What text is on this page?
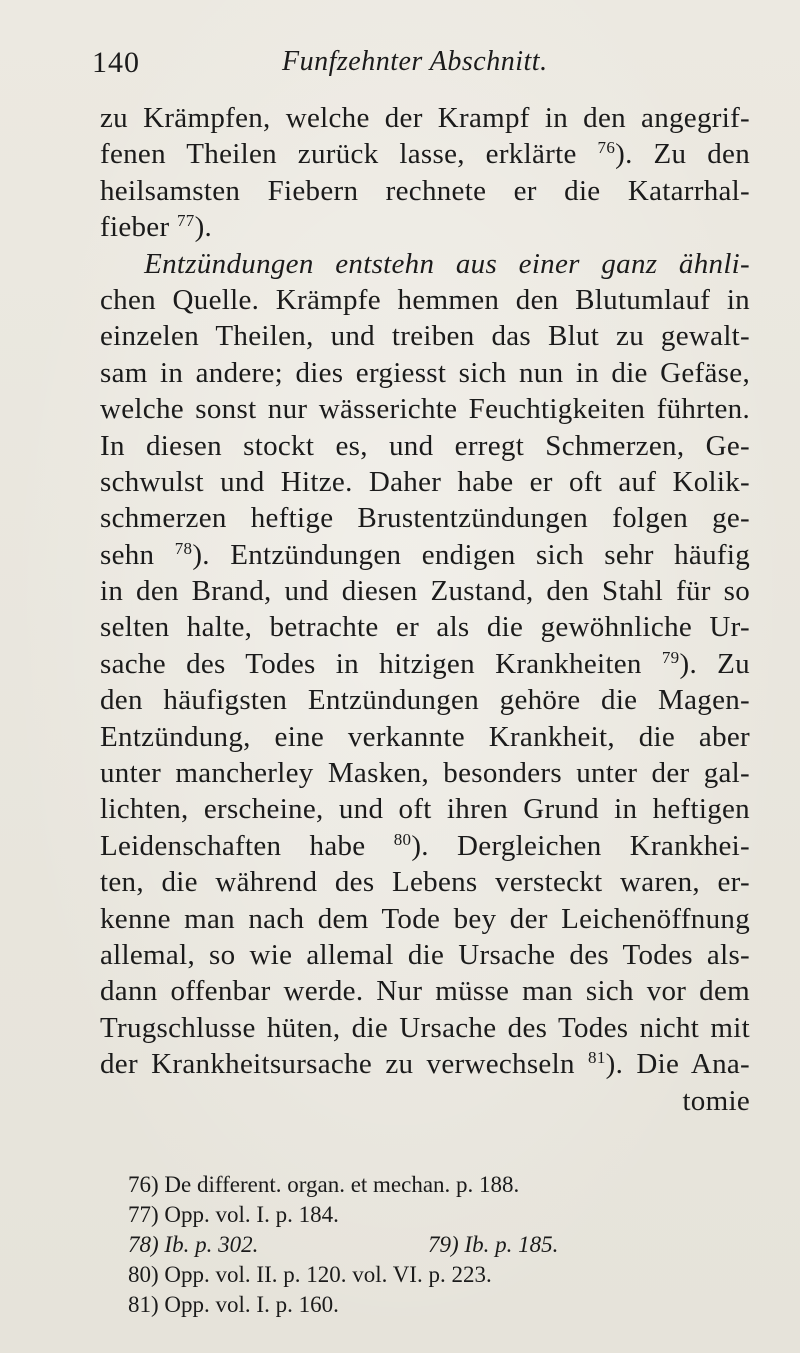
140	Funfzehnter Abschnitt.
zu Krämpfen, welche der Krampf in den angegrif-
fenen Theilen zurück lasse, erklärte $^{76}$). Zu den
heilsamsten Fiebern rechnete er die Katarrhal-
fieber $^{77}$).
  Entzündungen entstehn aus einer ganz ähnli-
chen Quelle. Krämpfe hemmen den Blutumlauf in
einzelen Theilen, und treiben das Blut zu gewalt-
sam in andere; dies ergiesst sich nun in die Gefäse,
welche sonst nur wässerichte Feuchtigkeiten führten.
In diesen stockt es, und erregt Schmerzen, Ge-
schwulst und Hitze. Daher habe er oft auf Kolik-
schmerzen heftige Brustentzündungen folgen ge-
sehn $^{78}$). Entzündungen endigen sich sehr häufig
in den Brand, und diesen Zustand, den Stahl für so
selten halte, betrachte er als die gewöhnliche Ur-
sache des Todes in hitzigen Krankheiten $^{79}$). Zu
den häufigsten Entzündungen gehöre die Magen-
Entzündung, eine verkannte Krankheit, die aber
unter mancherley Masken, besonders unter der gal-
lichten, erscheine, und oft ihren Grund in heftigen
Leidenschaften habe $^{80}$). Dergleichen Krankhei-
ten, die während des Lebens versteckt waren, er-
kenne man nach dem Tode bey der Leichenöffnung
allemal, so wie allemal die Ursache des Todes als-
dann offenbar werde. Nur müsse man sich vor dem
Trugschlusse hüten, die Ursache des Todes nicht mit
der Krankheitsursache zu verwechseln $^{81}$). Die Ana-
tomie
76) De different. organ. et mechan. p. 188.
77) Opp. vol. I. p. 184.
78) Ib. p. 302.	79) Ib. p. 185.
80) Opp. vol. II. p. 120. vol. VI. p. 223.
81) Opp. vol. I. p. 160.
